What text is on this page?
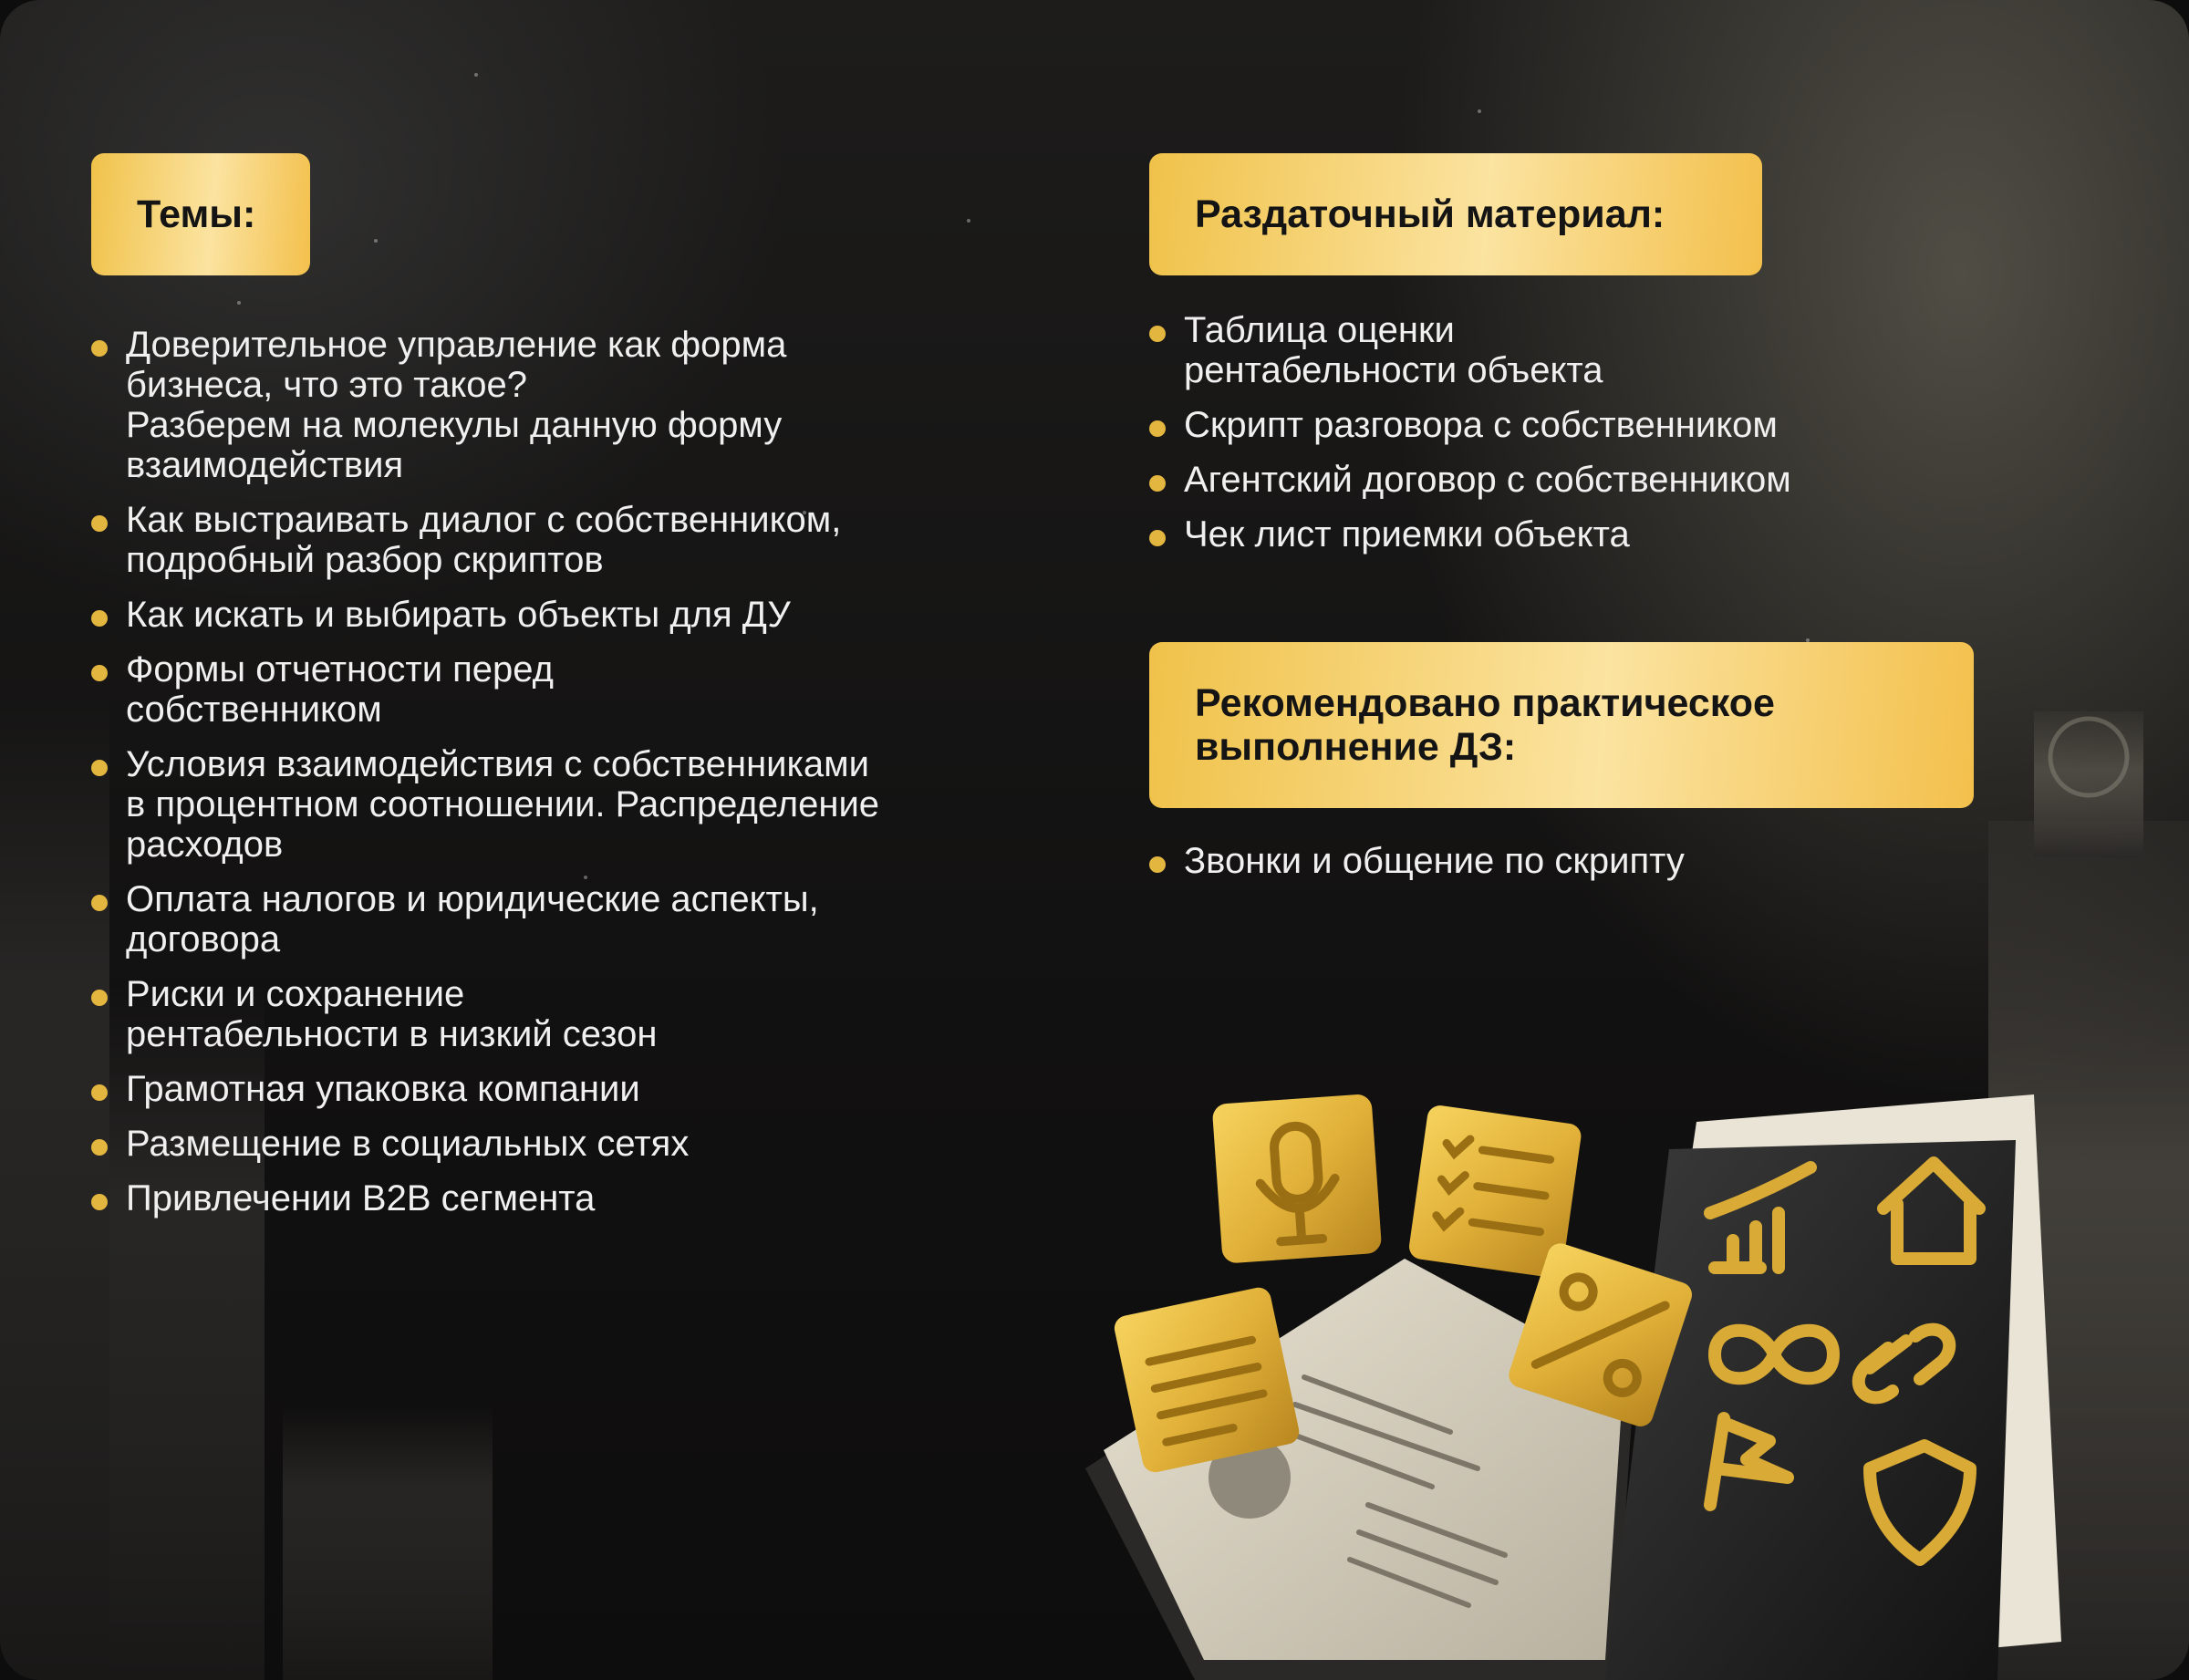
Темы:
Доверительное управление как форма
бизнеса, что это такое?
Разберем на молекулы данную форму
взаимодействия
Как выстраивать диалог с собственником,
подробный разбор скриптов
Как искать и выбирать объекты для ДУ
Формы отчетности перед
собственником
Условия взаимодействия с собственниками
в процентном соотношении. Распределение
расходов
Оплата налогов и юридические аспекты,
договора
Риски и сохранение
рентабельности в низкий сезон
Грамотная упаковка компании
Размещение в социальных сетях
Привлечении В2В сегмента
Раздаточный материал:
Таблица оценки
рентабельности объекта
Скрипт разговора с собственником
Агентский договор с собственником
Чек лист приемки объекта
Рекомендовано практическое
выполнение ДЗ:
Звонки и общение по скрипту
